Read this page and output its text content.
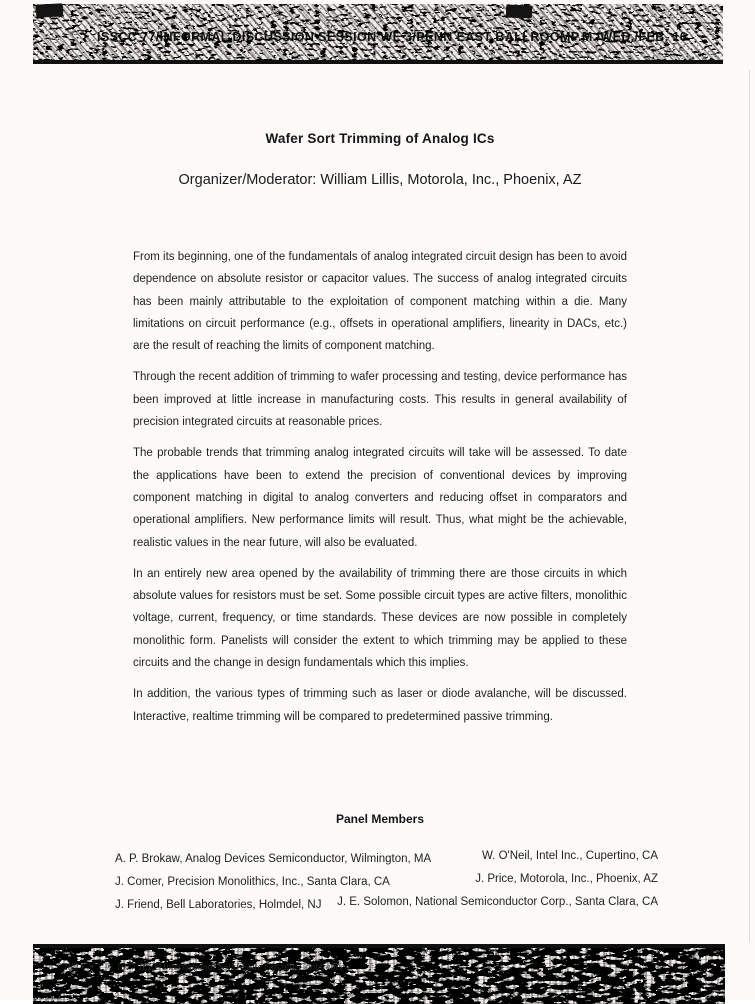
ISSCC 77/INFORMAL DISCUSSION SESSION WE 3/PENN EAST BALLROOM P.M./WED./FEB. 16
Wafer Sort Trimming of Analog ICs
Organizer/Moderator: William Lillis, Motorola, Inc., Phoenix, AZ

From its beginning, one of the fundamentals of analog integrated circuit design has been to avoid dependence on absolute resistor or capacitor values. The success of analog integrated circuits has been mainly attributable to the exploitation of component matching within a die. Many limitations on circuit performance (e.g., offsets in operational amplifiers, linearity in DACs, etc.) are the result of reaching the limits of component matching.

Through the recent addition of trimming to wafer processing and testing, device performance has been improved at little increase in manufacturing costs. This results in general availability of precision integrated circuits at reasonable prices.

The probable trends that trimming analog integrated circuits will take will be assessed. To date the applications have been to extend the precision of conventional devices by improving component matching in digital to analog converters and reducing offset in comparators and operational amplifiers. New performance limits will result. Thus, what might be the achievable, realistic values in the near future, will also be evaluated.

In an entirely new area opened by the availability of trimming there are those circuits in which absolute values for resistors must be set. Some possible circuit types are active filters, monolithic voltage, current, frequency, or time standards. These devices are now possible in completely monolithic form. Panelists will consider the extent to which trimming may be applied to these circuits and the change in design fundamentals which this implies.

In addition, the various types of trimming such as laser or diode avalanche, will be discussed. Interactive, realtime trimming will be compared to predetermined passive trimming.

Panel Members
A. P. Brokaw, Analog Devices Semiconductor, Wilmington, MA
J. Comer, Precision Monolithics, Inc., Santa Clara, CA
J. Friend, Bell Laboratories, Holmdel, NJ
W. O'Neil, Intel Inc., Cupertino, CA
J. Price, Motorola, Inc., Phoenix, AZ
J. E. Solomon, National Semiconductor Corp., Santa Clara, CA
180 • © 1977 IEEE International Solid-State Circuits Conference
